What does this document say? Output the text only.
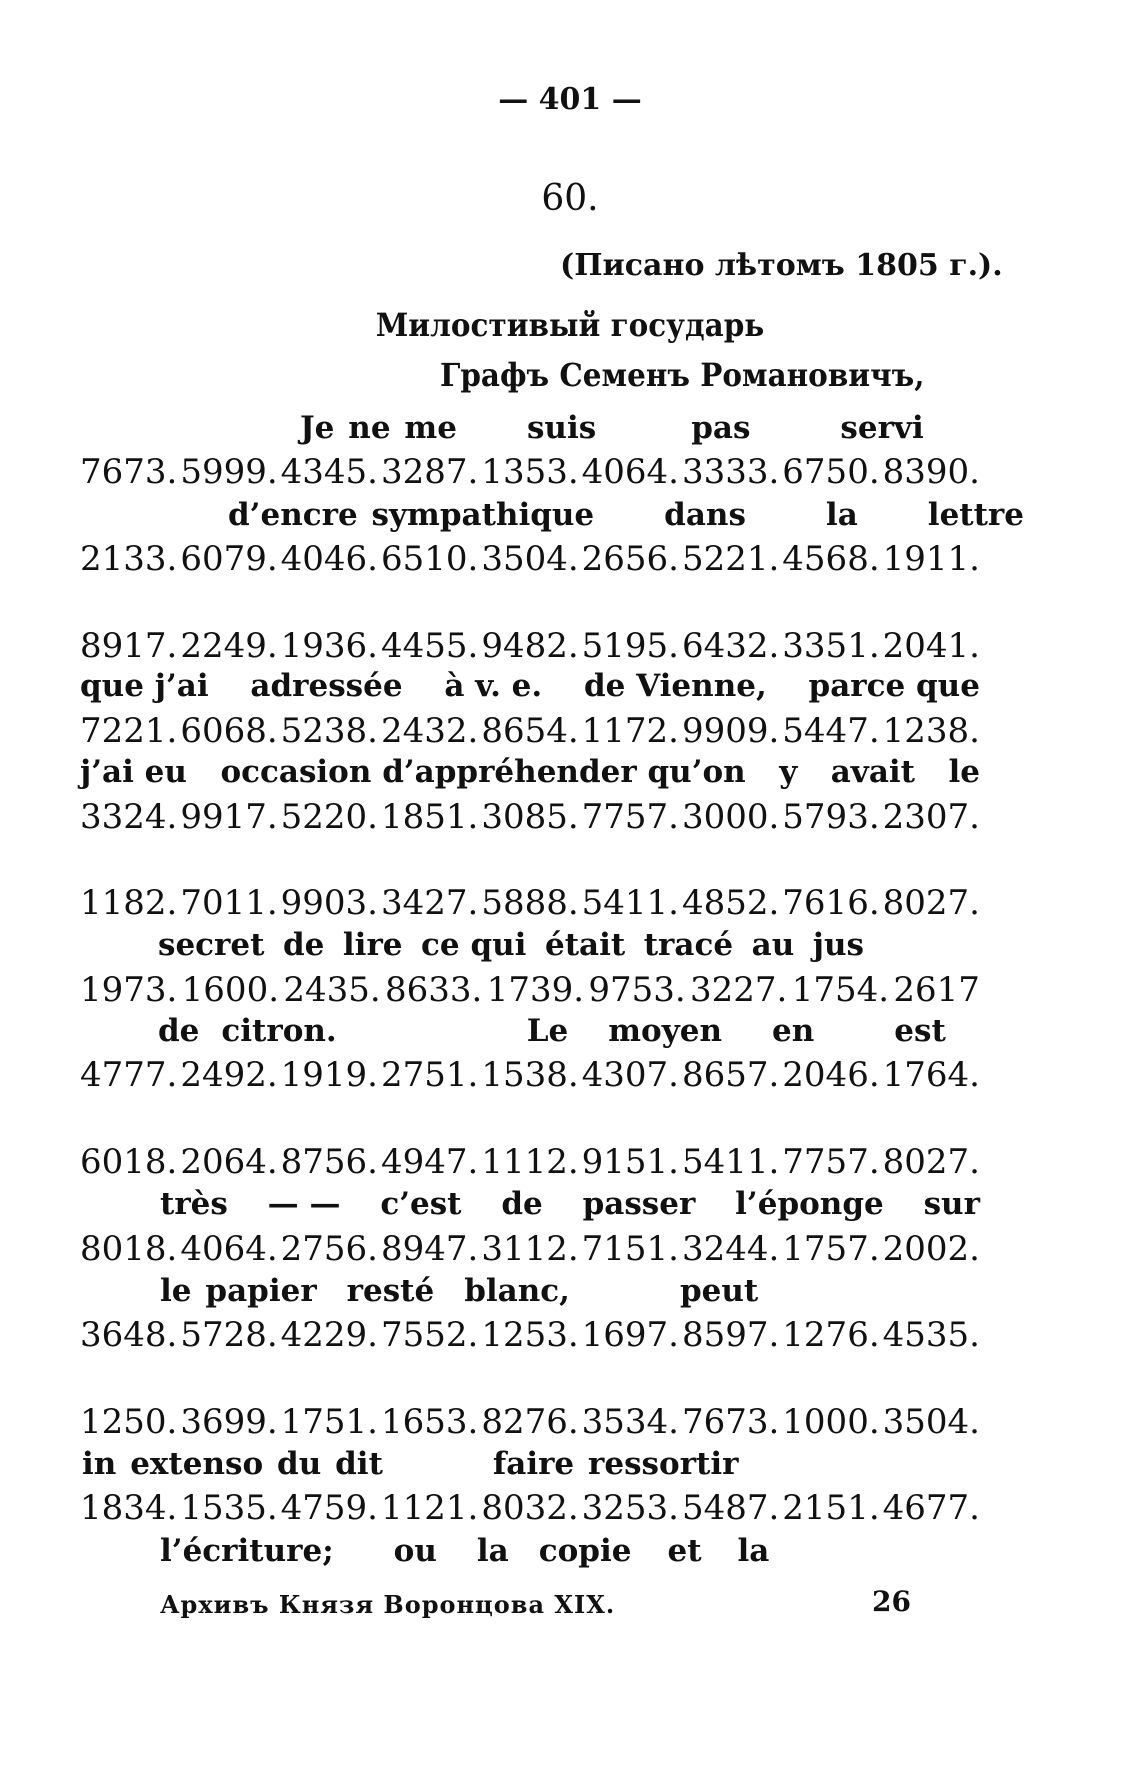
— 401 —
60.
(Писано лѣтомъ 1805 г.).
Милостивый государь
Графъ Семенъ Романовичъ,
Je ne me suis	pas	servi
7673. 5999. 4345. 3287. 1353. 4064. 3333. 6750. 8390.
d’encre sympathique dans	la lettre
2133. 6079. 4046. 6510. 3504. 2656. 5221. 4568. 1911.
8917. 2249. 1936. 4455. 9482. 5195. 6432. 3351. 2041.
que j’ai adressée à v. e. de Vienne, parce que
7221. 6068. 5238. 2432. 8654. 1172. 9909. 5447. 1238.
j’ai eu occasion d’appréhender qu’on y avait le
3324. 9917. 5220. 1851. 3085. 7757. 3000. 5793. 2307.
1182. 7011. 9903. 3427. 5888. 5411. 4852. 7616. 8027.
secret de lire ce qui était tracé au jus
1973. 1600. 2435. 8633. 1739. 9753. 3227. 1754. 2617
de citron.	Le moyen en	est
4777. 2492. 1919. 2751. 1538. 4307. 8657. 2046. 1764.
6018. 2064. 8756. 4947. 1112. 9151. 5411. 7757. 8027.
très — — c’est de passer l’éponge sur
8018. 4064. 2756. 8947. 3112. 7151. 3244. 1757. 2002.
le papier resté blanc,	peut
3648. 5728. 4229. 7552. 1253. 1697. 8597. 1276. 4535.
1250. 3699. 1751. 1653. 8276. 3534. 7673. 1000. 3504.
in extenso du dit	faire ressortir
1834. 1535. 4759. 1121. 8032. 3253. 5487. 2151. 4677.
l’écriture; ou la copie et la
Архивъ Князя Воронцова XIX.	26
